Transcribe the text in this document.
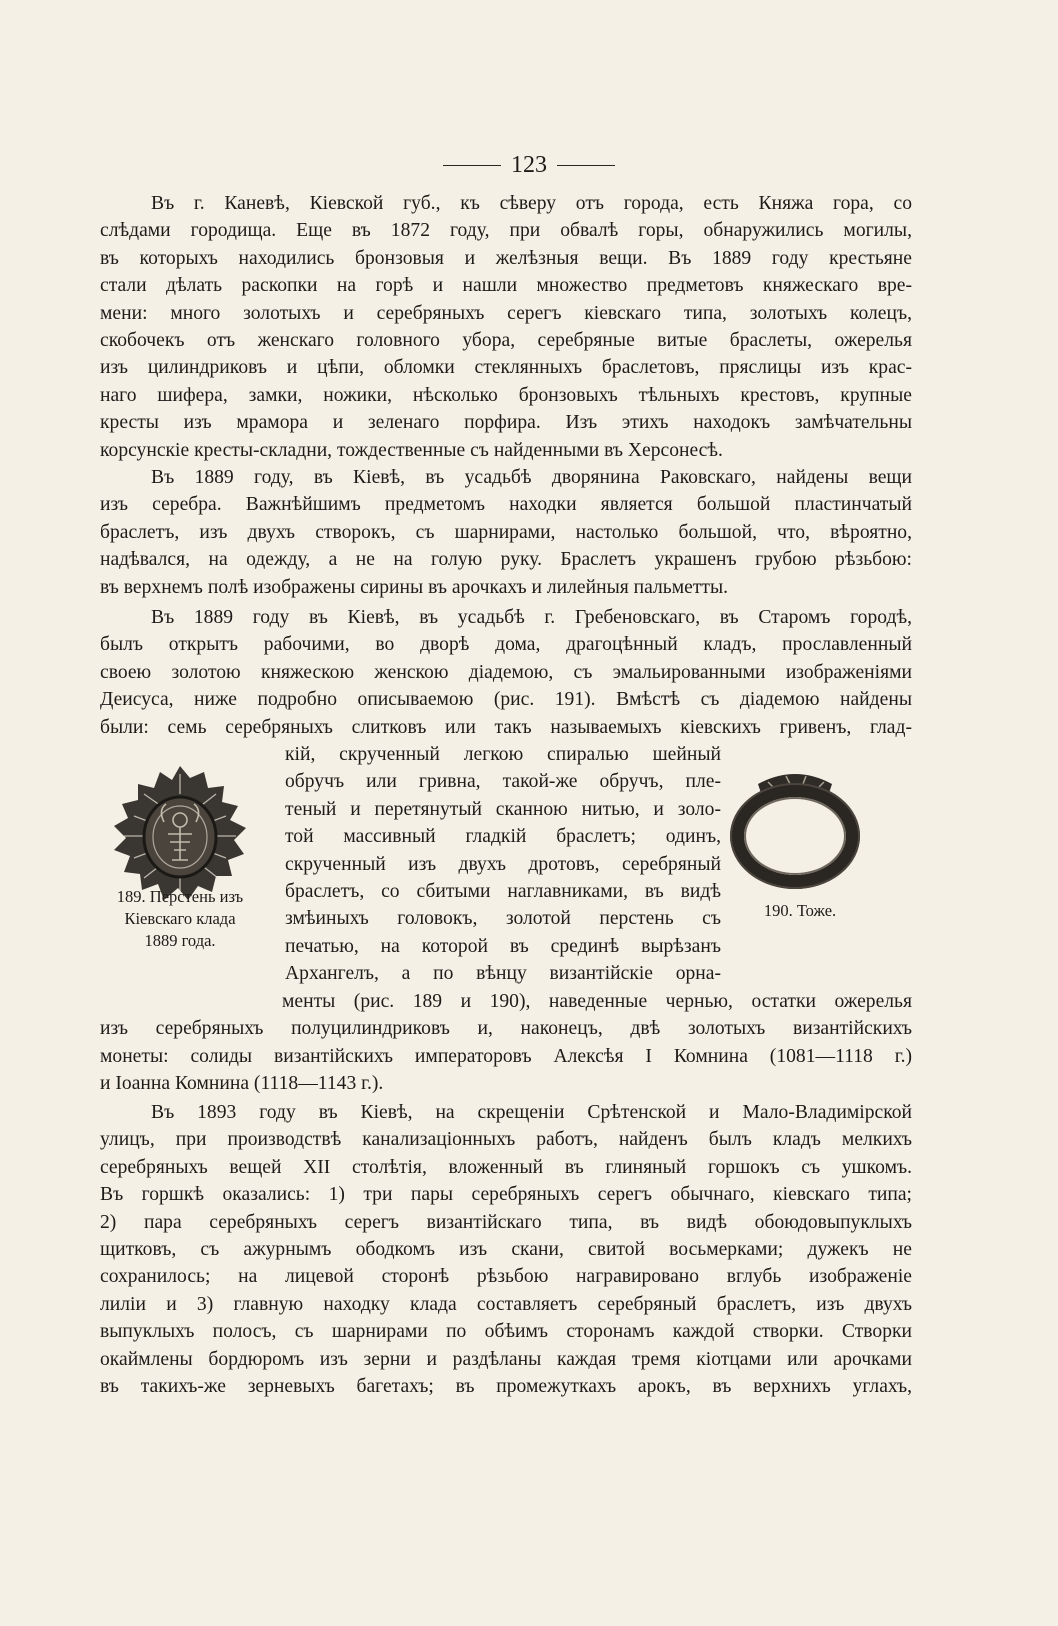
123

Въ г. Каневѣ, Кіевской губ., къ сѣверу отъ города, есть Княжа гора, со

слѣдами городища. Еще въ 1872 году, при обвалѣ горы, обнаружились могилы,

въ которыхъ находились бронзовыя и желѣзныя вещи. Въ 1889 году крестьяне

стали дѣлать раскопки на горѣ и нашли множество предметовъ княжескаго вре-

мени: много золотыхъ и серебряныхъ серегъ кіевскаго типа, золотыхъ колецъ,

скобочекъ отъ женскаго головного убора, серебряные витые браслеты, ожерелья

изъ цилиндриковъ и цѣпи, обломки стеклянныхъ браслетовъ, пряслицы изъ крас-

наго шифера, замки, ножики, нѣсколько бронзовыхъ тѣльныхъ крестовъ, крупные

кресты изъ мрамора и зеленаго порфира. Изъ этихъ находокъ замѣчательны

корсунскіе кресты-складни, тождественные съ найденными въ Херсонесѣ.

Въ 1889 году, въ Кіевѣ, въ усадьбѣ дворянина Раковскаго, найдены вещи

изъ серебра. Важнѣйшимъ предметомъ находки является большой пластинчатый

браслетъ, изъ двухъ створокъ, съ шарнирами, настолько большой, что, вѣроятно,

надѣвался, на одежду, а не на голую руку. Браслетъ украшенъ грубою рѣзьбою:

въ верхнемъ полѣ изображены сирины въ арочкахъ и лилейныя пальметты.

Въ 1889 году въ Кіевѣ, въ усадьбѣ г. Гребеновскаго, въ Старомъ городѣ,

былъ открытъ рабочими, во дворѣ дома, драгоцѣнный кладъ, прославленный

своею золотою княжескою женскою діадемою, съ эмальированными изображеніями

Деисуса, ниже подробно описываемою (рис. 191). Вмѣстѣ съ діадемою найдены

были: семь серебряныхъ слитковъ или такъ называемыхъ кіевскихъ гривенъ, глад-

кій, скрученный легкою спиралью шейный

обручъ или гривна, такой-же обручъ, пле-

теный и перетянутый сканною нитью, и золо-

той массивный гладкій браслетъ; одинъ,

скрученный изъ двухъ дротовъ, серебряный

браслетъ, со сбитыми наглавниками, въ видѣ

змѣиныхъ головокъ, золотой перстень съ

печатью, на которой въ срединѣ вырѣзанъ

Архангелъ, а по вѣнцу византійскіе орна-

189. Перстень изъ
Кіевскаго клада
1889 года.
190. Тоже.

менты (рис. 189 и 190), наведенные чернью, остатки ожерелья

изъ серебряныхъ полуцилиндриковъ и, наконецъ, двѣ золотыхъ византійскихъ

монеты: солиды византійскихъ императоровъ Алексѣя I Комнина (1081—1118 г.)

и Іоанна Комнина (1118—1143 г.).

Въ 1893 году въ Кіевѣ, на скрещеніи Срѣтенской и Мало-Владимірской

улицъ, при производствѣ канализаціонныхъ работъ, найденъ былъ кладъ мелкихъ

серебряныхъ вещей XII столѣтія, вложенный въ глиняный горшокъ съ ушкомъ.

Въ горшкѣ оказались: 1) три пары серебряныхъ серегъ обычнаго, кіевскаго типа;

2) пара серебряныхъ серегъ византійскаго типа, въ видѣ обоюдовыпуклыхъ

щитковъ, съ ажурнымъ ободкомъ изъ скани, свитой восьмерками; дужекъ не

сохранилось; на лицевой сторонѣ рѣзьбою награвировано вглубь изображеніе

лиліи и 3) главную находку клада составляетъ серебряный браслетъ, изъ двухъ

выпуклыхъ полосъ, съ шарнирами по обѣимъ сторонамъ каждой створки. Створки

окаймлены бордюромъ изъ зерни и раздѣланы каждая тремя кіотцами или арочками

въ такихъ-же зерневыхъ багетахъ; въ промежуткахъ арокъ, въ верхнихъ углахъ,
